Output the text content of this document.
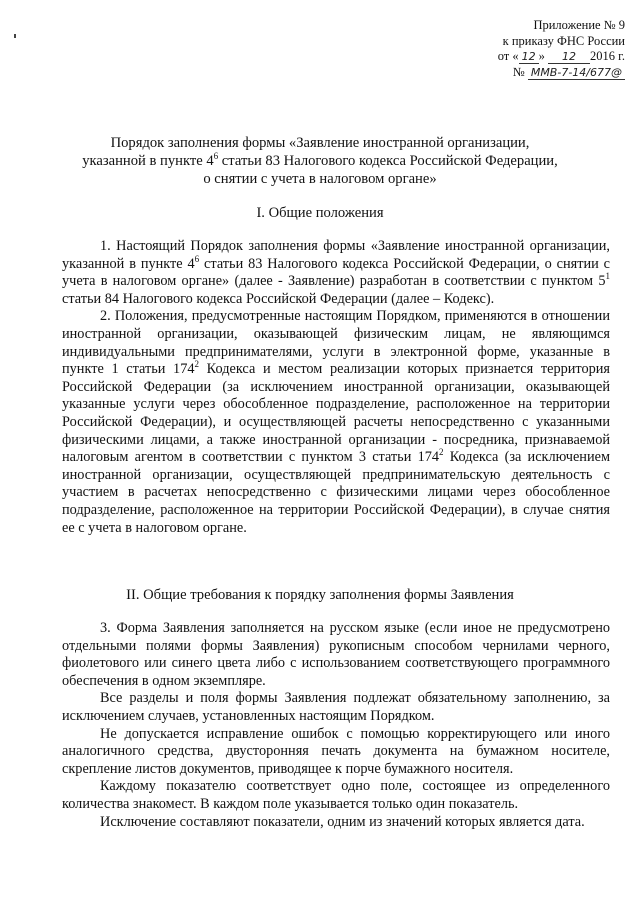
Приложение № 9
к приказу ФНС России
от « 12 » 12 2016 г.
№ ММВ-7-14/677@
Порядок заполнения формы «Заявление иностранной организации,
указанной в пункте $4^6$ статьи 83 Налогового кодекса Российской Федерации,
о снятии с учета в налоговом органе»
I. Общие положения

1. Настоящий Порядок заполнения формы «Заявление иностранной организации, указанной в пункте $4^6$ статьи 83 Налогового кодекса Российской Федерации, о снятии с учета в налоговом органе» (далее - Заявление) разработан в соответствии с пунктом $5^1$ статьи 84 Налогового кодекса Российской Федерации (далее – Кодекс).

2. Положения, предусмотренные настоящим Порядком, применяются в отношении иностранной организации, оказывающей физическим лицам, не являющимся индивидуальными предпринимателями, услуги в электронной форме, указанные в пункте 1 статьи $174^2$ Кодекса и местом реализации которых признается территория Российской Федерации (за исключением иностранной организации, оказывающей указанные услуги через обособленное подразделение, расположенное на территории Российской Федерации), и осуществляющей расчеты непосредственно с указанными физическими лицами, а также иностранной организации - посредника, признаваемой налоговым агентом в соответствии с пунктом 3 статьи $174^2$ Кодекса (за исключением иностранной организации, осуществляющей предпринимательскую деятельность с участием в расчетах непосредственно с физическими лицами через обособленное подразделение, расположенное на территории Российской Федерации), в случае снятия ее с учета в налоговом органе.

II. Общие требования к порядку заполнения формы Заявления

3. Форма Заявления заполняется на русском языке (если иное не предусмотрено отдельными полями формы Заявления) рукописным способом чернилами черного, фиолетового или синего цвета либо с использованием соответствующего программного обеспечения в одном экземпляре.

Все разделы и поля формы Заявления подлежат обязательному заполнению, за исключением случаев, установленных настоящим Порядком.

Не допускается исправление ошибок с помощью корректирующего или иного аналогичного средства, двусторонняя печать документа на бумажном носителе, скрепление листов документов, приводящее к порче бумажного носителя.

Каждому показателю соответствует одно поле, состоящее из определенного количества знакомест. В каждом поле указывается только один показатель.

Исключение составляют показатели, одним из значений которых является дата.
